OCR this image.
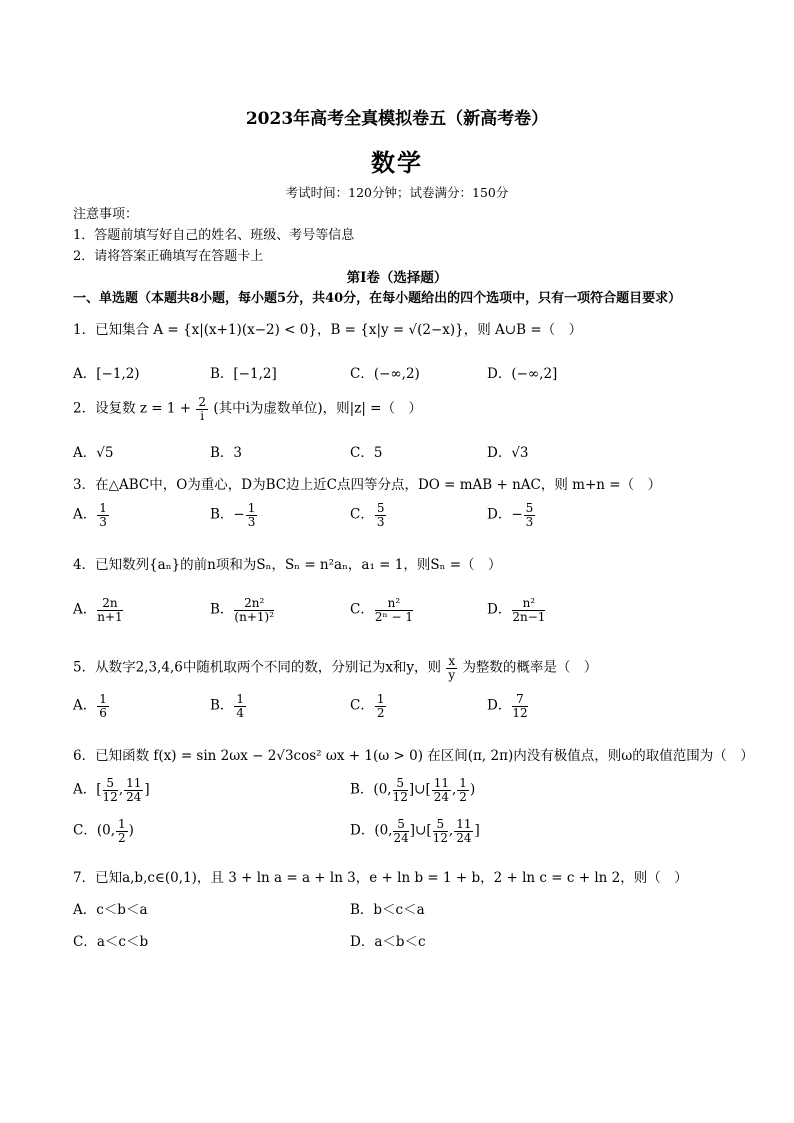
2023年高考全真模拟卷五（新高考卷）
数学
考试时间：120分钟；试卷满分：150分
注意事项：
1．答题前填写好自己的姓名、班级、考号等信息
2．请将答案正确填写在答题卡上
第I卷（选择题）
一、单选题（本题共8小题，每小题5分，共40分，在每小题给出的四个选项中，只有一项符合题目要求）
1．已知集合 A = {x|(x+1)(x−2) < 0}，B = {x|y = √(2−x)}，则 A∪B =（　）
A．[−1,2)	B．[−1,2]	C．(−∞,2)	D．(−∞,2]
2．设复数 $z = 1 + \frac{2}{i}$ (其中i为虚数单位)，则|z| =（　）
A．√5	B．3	C．5	D．√3
3．在△ABC中，O为重心，D为BC边上近C点四等分点，DO = mAB + nAC，则 m+n =（　）
A． $\frac{1}{3}$	B．− $\frac{1}{3}$	C． $\frac{5}{3}$	D．− $\frac{5}{3}$
4．已知数列{aₙ}的前n项和为Sₙ，Sₙ = n²aₙ，a₁ = 1，则Sₙ =（　）
A． $\frac{2n}{n+1}$	B． $\frac{\text{2n²}}{\text{(n+1)²}}$	C． $\frac{\text{n²}}{\text{2ⁿ − 1}}$	D． $\frac{\text{n²}}{2n-1}$
5．从数字2,3,4,6中随机取两个不同的数，分别记为x和y，则 $\frac{x}{y}$ 为整数的概率是（　）
A． $\frac{1}{6}$	B． $\frac{1}{4}$	C． $\frac{1}{2}$	D． $\frac{7}{12}$
6．已知函数 f(x) = sin 2ωx − 2√3cos² ωx + 1(ω > 0) 在区间(π, 2π)内没有极值点，则ω的取值范围为（　）
A．[ $\frac{5}{12}$ , $\frac{11}{24}$ ]	B．(0, $\frac{5}{12}$ ]∪[ $\frac{11}{24}$ , $\frac{1}{2}$ )
C．(0, $\frac{1}{2}$ )	D．(0, $\frac{5}{24}$ ]∪[ $\frac{5}{12}$ , $\frac{11}{24}$ ]
7．已知a,b,c∈(0,1)，且 3 + ln a = a + ln 3，e + ln b = 1 + b，2 + ln c = c + ln 2，则（　）
A．c＜b＜a	B．b＜c＜a
C．a＜c＜b	D．a＜b＜c
